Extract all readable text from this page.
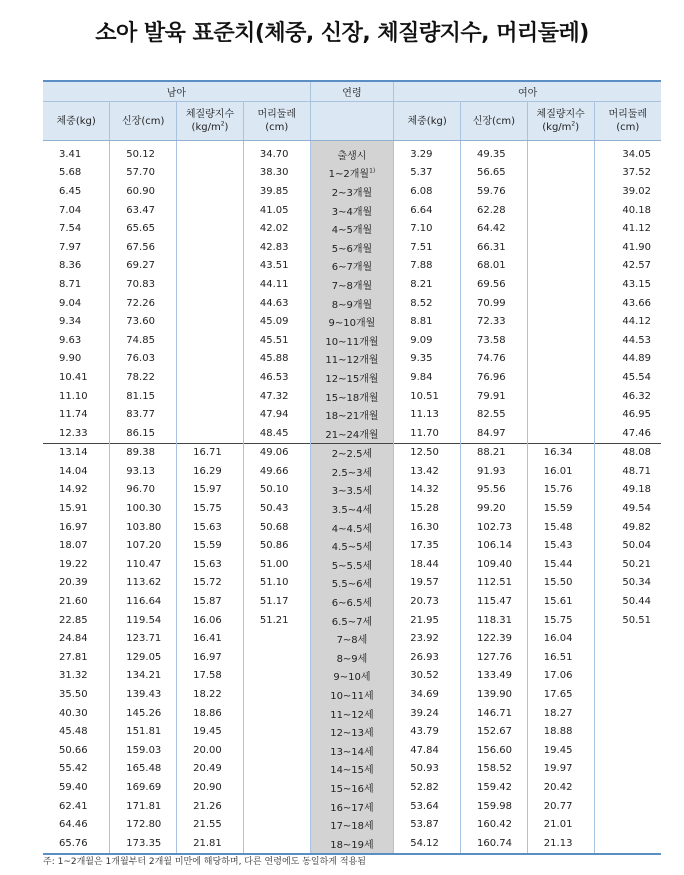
소아 발육 표준치(체중, 신장, 체질량지수, 머리둘레)
남아				연령	여아			
체중(kg)	신장(cm)	체질량지수
$(kg/m^2)$	머리둘레
(cm)		체중(kg)	신장(cm)	체질량지수
$(kg/m^2)$	머리둘레
(cm)
3.41	50.12		34.70	출생시	3.29	49.35		34.05
5.68	57.70		38.30	1~2개월$^{1)}$	5.37	56.65		37.52
6.45	60.90		39.85	2~3개월	6.08	59.76		39.02
7.04	63.47		41.05	3~4개월	6.64	62.28		40.18
7.54	65.65		42.02	4~5개월	7.10	64.42		41.12
7.97	67.56		42.83	5~6개월	7.51	66.31		41.90
8.36	69.27		43.51	6~7개월	7.88	68.01		42.57
8.71	70.83		44.11	7~8개월	8.21	69.56		43.15
9.04	72.26		44.63	8~9개월	8.52	70.99		43.66
9.34	73.60		45.09	9~10개월	8.81	72.33		44.12
9.63	74.85		45.51	10~11개월	9.09	73.58		44.53
9.90	76.03		45.88	11~12개월	9.35	74.76		44.89
10.41	78.22		46.53	12~15개월	9.84	76.96		45.54
11.10	81.15		47.32	15~18개월	10.51	79.91		46.32
11.74	83.77		47.94	18~21개월	11.13	82.55		46.95
12.33	86.15		48.45	21~24개월	11.70	84.97		47.46
13.14	89.38	16.71	49.06	2~2.5세	12.50	88.21	16.34	48.08
14.04	93.13	16.29	49.66	2.5~3세	13.42	91.93	16.01	48.71
14.92	96.70	15.97	50.10	3~3.5세	14.32	95.56	15.76	49.18
15.91	100.30	15.75	50.43	3.5~4세	15.28	99.20	15.59	49.54
16.97	103.80	15.63	50.68	4~4.5세	16.30	102.73	15.48	49.82
18.07	107.20	15.59	50.86	4.5~5세	17.35	106.14	15.43	50.04
19.22	110.47	15.63	51.00	5~5.5세	18.44	109.40	15.44	50.21
20.39	113.62	15.72	51.10	5.5~6세	19.57	112.51	15.50	50.34
21.60	116.64	15.87	51.17	6~6.5세	20.73	115.47	15.61	50.44
22.85	119.54	16.06	51.21	6.5~7세	21.95	118.31	15.75	50.51
24.84	123.71	16.41		7~8세	23.92	122.39	16.04	
27.81	129.05	16.97		8~9세	26.93	127.76	16.51	
31.32	134.21	17.58		9~10세	30.52	133.49	17.06	
35.50	139.43	18.22		10~11세	34.69	139.90	17.65	
40.30	145.26	18.86		11~12세	39.24	146.71	18.27	
45.48	151.81	19.45		12~13세	43.79	152.67	18.88	
50.66	159.03	20.00		13~14세	47.84	156.60	19.45	
55.42	165.48	20.49		14~15세	50.93	158.52	19.97	
59.40	169.69	20.90		15~16세	52.82	159.42	20.42	
62.41	171.81	21.26		16~17세	53.64	159.98	20.77	
64.46	172.80	21.55		17~18세	53.87	160.42	21.01	
65.76	173.35	21.81		18~19세	54.12	160.74	21.13	
주: 1~2개월은 1개월부터 2개월 미만에 해당하며, 다른 연령에도 동일하게 적용됨
